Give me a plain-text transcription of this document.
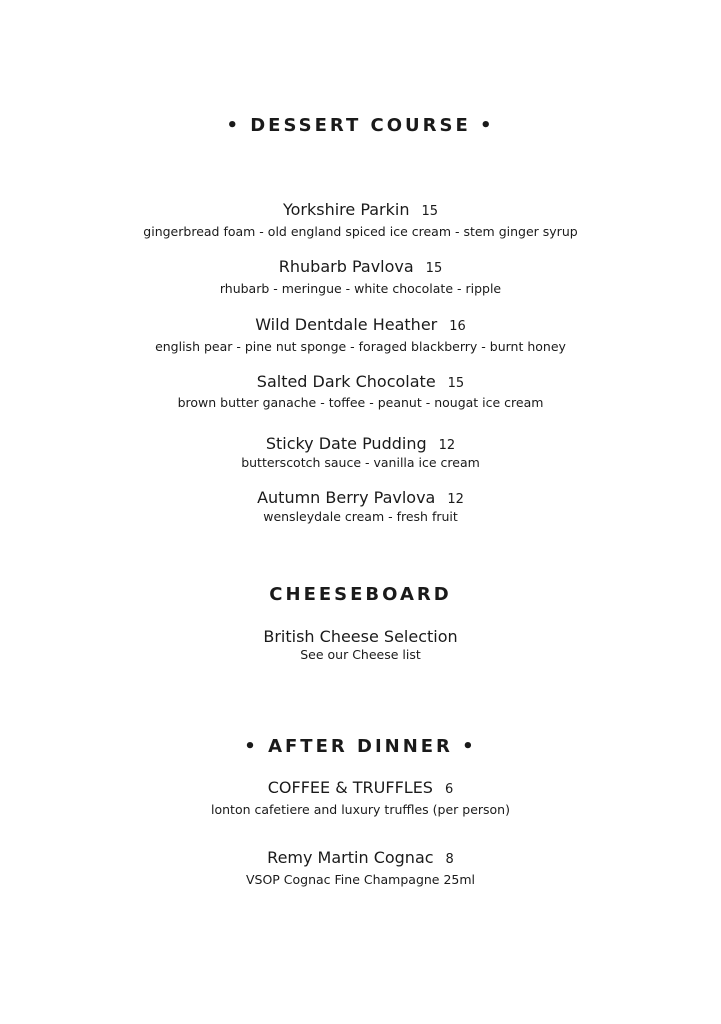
• DESSERT COURSE •
Yorkshire Parkin 15
gingerbread foam - old england spiced ice cream - stem ginger syrup
Rhubarb Pavlova 15
rhubarb - meringue - white chocolate - ripple
Wild Dentdale Heather 16
english pear - pine nut sponge - foraged blackberry - burnt honey
Salted Dark Chocolate 15
brown butter ganache - toffee - peanut - nougat ice cream
Sticky Date Pudding 12
butterscotch sauce - vanilla ice cream
Autumn Berry Pavlova 12
wensleydale cream - fresh fruit
CHEESEBOARD
British Cheese Selection
See our Cheese list
• AFTER DINNER •
COFFEE & TRUFFLES 6
lonton cafetiere and luxury truffles (per person)
Remy Martin Cognac 8
VSOP Cognac Fine Champagne 25ml
